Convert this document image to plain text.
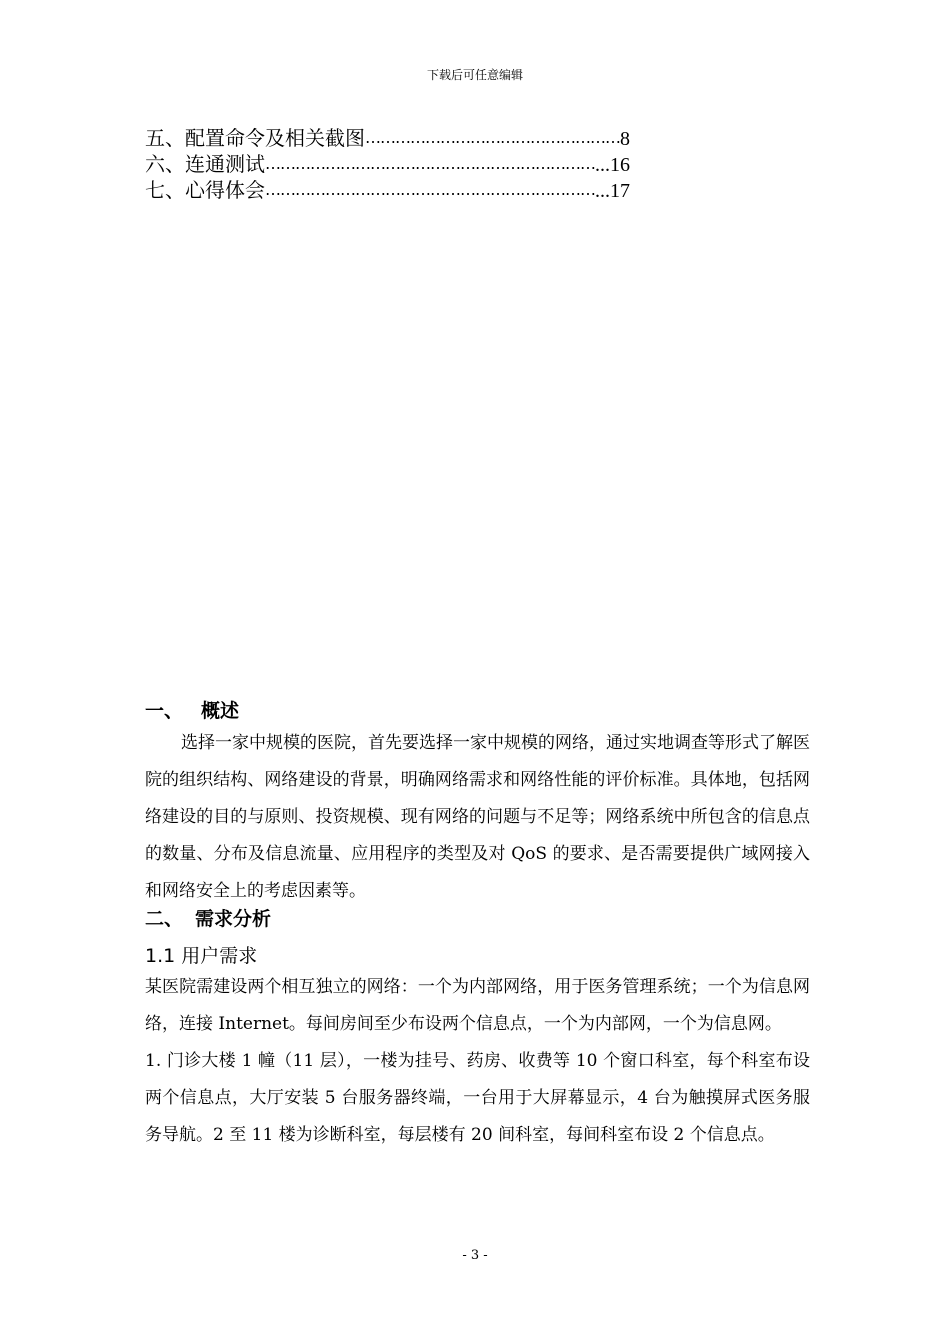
下载后可任意编辑
五、配置命令及相关截图……………………………………………8
六、连通测试…………………………………………………………...16
七、心得体会…………………………………………………………...17
一、 概述
选择一家中规模的医院，首先要选择一家中规模的网络，通过实地调查等形式了解医院的组织结构、网络建设的背景，明确网络需求和网络性能的评价标准。具体地，包括网络建设的目的与原则、投资规模、现有网络的问题与不足等；网络系统中所包含的信息点的数量、分布及信息流量、应用程序的类型及对 QoS 的要求、是否需要提供广域网接入和网络安全上的考虑因素等。
二、 需求分析
1.1 用户需求
某医院需建设两个相互独立的网络：一个为内部网络，用于医务管理系统；一个为信息网络，连接 Internet。每间房间至少布设两个信息点，一个为内部网，一个为信息网。
1. 门诊大楼 1 幢（11 层），一楼为挂号、药房、收费等 10 个窗口科室，每个科室布设两个信息点，大厅安装 5 台服务器终端，一台用于大屏幕显示，4 台为触摸屏式医务服务导航。2 至 11 楼为诊断科室，每层楼有 20 间科室，每间科室布设 2 个信息点。
- 3 -
